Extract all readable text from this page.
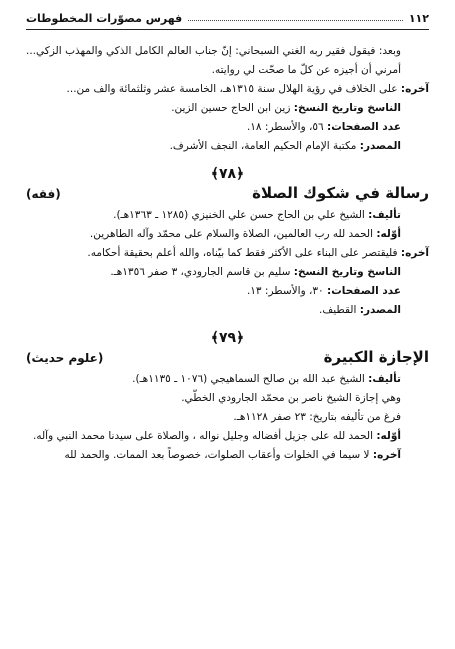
١١٢
فهرس مصوّرات المخطوطات

وبعد: فيقول فقير ربه الغني السبحاني: إنّ جناب العالم الكامل الذكي والمهذب الزكي... أمرني أن أجيزه عن كلّ ما صحّت لي روايته.

آخره: على الخلاف في رؤية الهلال سنة ١٣١٥هـ، الخامسة عشر وثلثمائة والف من...

الناسخ وتاريخ النسخ: زين ابن الحاج حسين الزين.

عدد الصفحات: ٥٦، والأسطر: ١٨.

المصدر: مكتبة الإمام الحكيم العامة، النجف الأشرف.

﴿٧٨﴾
رسالة في شكوك الصلاة
(فقه)

تأليف: الشيخ علي بن الحاج حسن علي الخنيزي (١٢٨٥ ـ ١٣٦٣هـ).

أوّله: الحمد لله رب العالمين، الصلاة والسلام على محمّد وآله الطاهرين.

آخره: فليقتصر على البناء على الأكثر فقط كما بيّناه، والله أعلم بحقيقة أحكامه.

الناسخ وتاريخ النسخ: سليم بن قاسم الجارودي، ٣ صفر ١٣٥٦هـ.

عدد الصفحات: ٣٠، والأسطر: ١٣.

المصدر: القطيف.

﴿٧٩﴾
الإجازة الكبيرة
(علوم حديث)

تأليف: الشيخ عبد الله بن صالح السماهيجي (١٠٧٦ ـ ١١٣٥هـ).

وهي إجازة الشيخ ناصر بن محمّد الجارودي الخطّي.

فرغ من تأليفه بتاريخ: ٢٣ صفر ١١٢٨هـ.

أوّله: الحمد لله على جزيل أفضاله وجليل نواله ، والصلاة على سيدنا محمد النبي وآله.

آخره: لا سيما في الخلوات وأعقاب الصلوات، خصوصاً بعد الممات. والحمد لله
